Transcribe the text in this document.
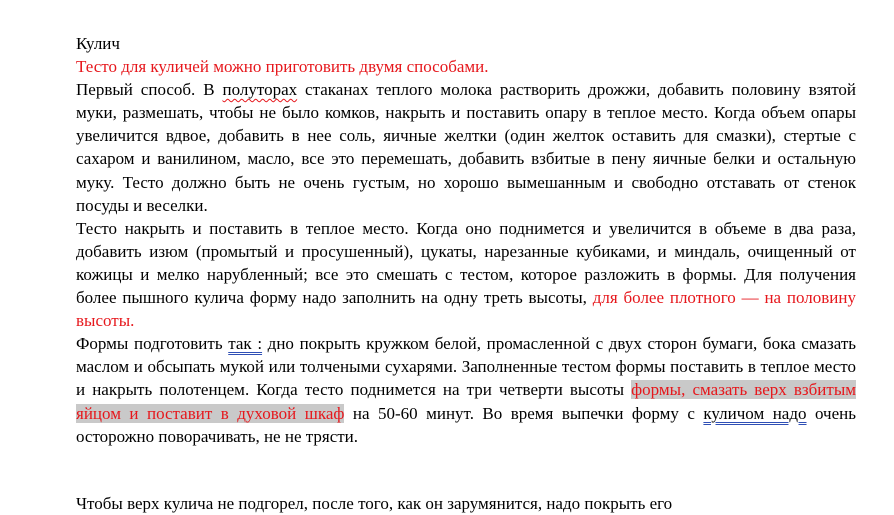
Кулич

Тесто для куличей можно приготовить двумя способами.

Первый способ. В полуторах стаканах теплого молока растворить дрожжи, добавить половину взятой муки, размешать, чтобы не было комков, накрыть и поставить опару в теплое место. Когда объем опары увеличится вдвое, добавить в нее соль, яичные желтки (один желток оставить для смазки), стертые с сахаром и ванилином, масло, все это перемешать, добавить взбитые в пену яичные белки и остальную муку. Тесто должно быть не очень густым, но хорошо вымешанным и свободно отставать от стенок посуды и веселки.

Тесто накрыть и поставить в теплое место. Когда оно поднимется и увеличится в объеме в два раза, добавить изюм (промытый и просушенный), цукаты, нарезанные кубиками, и миндаль, очищенный от кожицы и мелко нарубленный; все это смешать с тестом, которое разложить в формы. Для получения более пышного кулича форму надо заполнить на одну треть высоты, для более плотного — на половину высоты.

Формы подготовить так : дно покрыть кружком белой, промасленной с двух сторон бумаги, бока смазать маслом и обсыпать мукой или толчеными сухарями. Заполненные тестом формы поставить в теплое место и накрыть полотенцем. Когда тесто поднимется на три четверти высоты формы, смазать верх взбитым яйцом и поставит в духовой шкаф на 50-60 минут. Во время выпечки форму с куличом надо очень осторожно поворачивать, не не трясти.

Чтобы верх кулича не подгорел, после того, как он зарумянится, надо покрыть его
